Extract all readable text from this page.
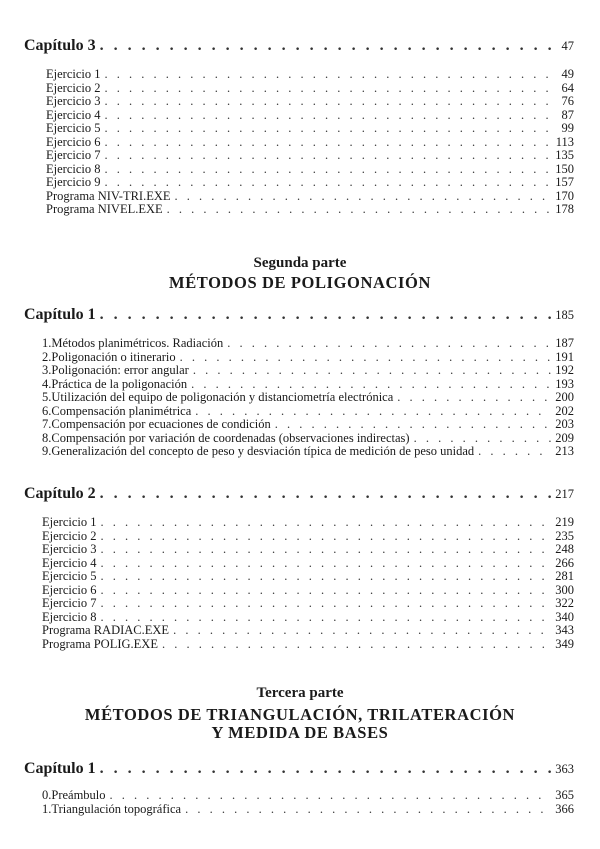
Capítulo 3 . . .	47
Ejercicio 1 . . .	49
Ejercicio 2 . . .	64
Ejercicio 3 . . .	76
Ejercicio 4 . . .	87
Ejercicio 5 . . .	99
Ejercicio 6 . . .	113
Ejercicio 7 . . .	135
Ejercicio 8 . . .	150
Ejercicio 9 . . .	157
Programa NIV-TRI.EXE . . .	170
Programa NIVEL.EXE . . .	178
Segunda parte
MÉTODOS DE POLIGONACIÓN
Capítulo 1 . . .	185
1. Métodos planimétricos. Radiación . . .	187
2. Poligonación o itinerario . . .	191
3. Poligonación: error angular . . .	192
4. Práctica de la poligonación . . .	193
5. Utilización del equipo de poligonación y distanciometría electrónica . . .	200
6. Compensación planimétrica . . .	202
7. Compensación por ecuaciones de condición . . .	203
8. Compensación por variación de coordenadas (observaciones indirectas) . . .	209
9. Generalización del concepto de peso y desviación típica de medición de peso unidad . . .	213
Capítulo 2 . . .	217
Ejercicio 1 . . .	219
Ejercicio 2 . . .	235
Ejercicio 3 . . .	248
Ejercicio 4 . . .	266
Ejercicio 5 . . .	281
Ejercicio 6 . . .	300
Ejercicio 7 . . .	322
Ejercicio 8 . . .	340
Programa RADIAC.EXE . . .	343
Programa POLIG.EXE . . .	349
Tercera parte
MÉTODOS DE TRIANGULACIÓN, TRILATERACIÓN
Y MEDIDA DE BASES
Capítulo 1 . . .	363
0. Preámbulo . . .	365
1. Triangulación topográfica . . .	366
